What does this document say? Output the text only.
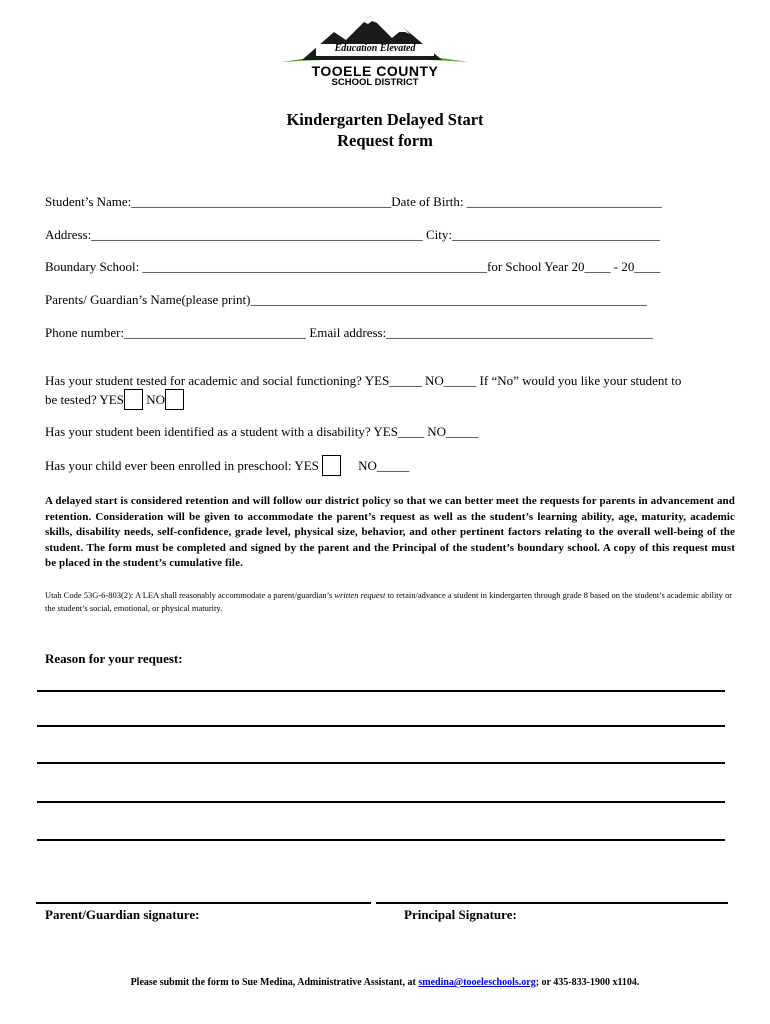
Education Elevated
TOOELE COUNTY
SCHOOL DISTRICT
Kindergarten Delayed Start
Request form
Student’s Name:________________________________________Date of Birth: ______________________________
Address:___________________________________________________ City:________________________________
Boundary School: _____________________________________________________for School Year 20____ - 20____
Parents/ Guardian’s Name(please print)_____________________________________________________________
Phone number:____________________________ Email address:_________________________________________
Has your student tested for academic and social functioning? YES_____ NO_____ If “No” would you like your student to
be tested? YES NO
Has your student been identified as a student with a disability? YES____ NO_____
Has your child ever been enrolled in preschool: YES	NO_____
A delayed start is considered retention and will follow our district policy so that we can better meet the requests for parents in advancement and retention. Consideration will be given to accommodate the parent’s request as well as the student’s learning ability, age, maturity, academic skills, disability needs, self-confidence, grade level, physical size, behavior, and other pertinent factors relating to the overall well-being of the student. The form must be completed and signed by the parent and the Principal of the student’s boundary school. A copy of this request must be placed in the student’s cumulative file.
Utah Code 53G-6-803(2): A LEA shall reasonably accommodate a parent/guardian’s written request to retain/advance a student in kindergarten through grade 8 based on the student’s academic ability or the student’s social, emotional, or physical maturity.
Reason for your request:
Parent/Guardian signature:	Principal Signature:
Please submit the form to Sue Medina, Administrative Assistant, at smedina@tooeleschools.org; or 435-833-1900 x1104.
